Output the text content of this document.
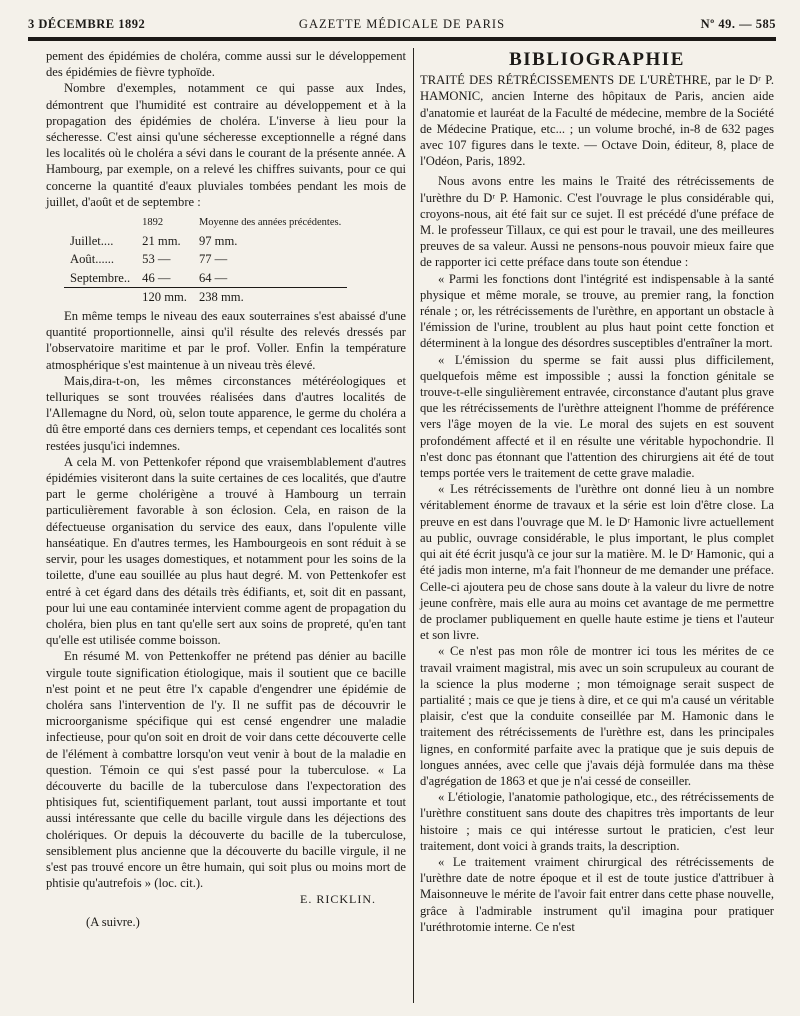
3 DÉCEMBRE 1892	GAZETTE MÉDICALE DE PARIS	Nº 49. — 585

pement des épidémies de choléra, comme aussi sur le développement des épidémies de fièvre typhoïde.

Nombre d'exemples, notamment ce qui passe aux Indes, démontrent que l'humidité est contraire au développement et à la propagation des épidémies de choléra. L'inverse à lieu pour la sécheresse. C'est ainsi qu'une sécheresse exceptionnelle a régné dans les localités où le choléra a sévi dans le courant de la présente année. A Hambourg, par exemple, on a relevé les chiffres suivants, pour ce qui concerne la quantité d'eaux pluviales tombées pendant les mois de juillet, d'août et de septembre :

	1892	Moyenne des années précédentes.
Juillet....	21 mm.	97 mm.
Août......	53 —	77 —
Septembre..	46 —	64 —
	120 mm.	238 mm.

En même temps le niveau des eaux souterraines s'est abaissé d'une quantité proportionnelle, ainsi qu'il résulte des relevés dressés par l'observatoire maritime et par le prof. Voller. Enfin la température atmosphérique s'est maintenue à un niveau très élevé.

Mais,dira-t-on, les mêmes circonstances météréologiques et telluriques se sont trouvées réalisées dans d'autres localités de l'Allemagne du Nord, où, selon toute apparence, le germe du choléra a dû être emporté dans ces derniers temps, et cependant ces localités sont restées jusqu'ici indemnes.

A cela M. von Pettenkofer répond que vraisemblablement d'autres épidémies visiteront dans la suite certaines de ces localités, que d'autre part le germe cholérigène a trouvé à Hambourg un terrain particulièrement favorable à son éclosion. Cela, en raison de la défectueuse organisation du service des eaux, dans l'opulente ville hanséatique. En d'autres termes, les Hambourgeois en sont réduit à se servir, pour les usages domestiques, et notamment pour les soins de la toilette, d'une eau souillée au plus haut degré. M. von Pettenkofer est entré à cet égard dans des détails très édifiants, et, soit dit en passant, pour lui une eau contaminée intervient comme agent de propagation du choléra, bien plus en tant qu'elle sert aux soins de propreté, qu'en tant qu'elle est utilisée comme boisson.

En résumé M. von Pettenkoffer ne prétend pas dénier au bacille virgule toute signification étiologique, mais il soutient que ce bacille n'est point et ne peut être l'x capable d'engendrer une épidémie de choléra sans l'intervention de l'y. Il ne suffit pas de découvrir le microorganisme spécifique qui est censé engendrer une maladie infectieuse, pour qu'on soit en droit de voir dans cette découverte celle de l'élément à combattre lorsqu'on veut venir à bout de la maladie en question. Témoin ce qui s'est passé pour la tuberculose. « La découverte du bacille de la tuberculose dans l'expectoration des phtisiques fut, scientifiquement parlant, tout aussi importante et tout aussi intéressante que celle du bacille virgule dans les déjections des cholériques. Or depuis la découverte du bacille de la tuberculose, sensiblement plus ancienne que la découverte du bacille virgule, il ne s'est pas trouvé encore un être humain, qui soit plus ou moins mort de phtisie qu'autrefois » (loc. cit.).

E. RICKLIN.

(A suivre.)

BIBLIOGRAPHIE

TRAITÉ DES RÉTRÉCISSEMENTS DE L'URÈTHRE, par le Dʳ P. HAMONIC, ancien Interne des hôpitaux de Paris, ancien aide d'anatomie et lauréat de la Faculté de médecine, membre de la Société de Médecine Pratique, etc... ; un volume broché, in-8 de 632 pages avec 107 figures dans le texte. — Octave Doin, éditeur, 8, place de l'Odéon, Paris, 1892.

Nous avons entre les mains le Traité des rétrécissements de l'urèthre du Dʳ P. Hamonic. C'est l'ouvrage le plus considérable qui, croyons-nous, ait été fait sur ce sujet. Il est précédé d'une préface de M. le professeur Tillaux, ce qui est pour le travail, une des meilleures preuves de sa valeur. Aussi ne pensons-nous pouvoir mieux faire que de rapporter ici cette préface dans toute son étendue :

« Parmi les fonctions dont l'intégrité est indispensable à la santé physique et même morale, se trouve, au premier rang, la fonction rénale ; or, les rétrécissements de l'urèthre, en apportant un obstacle à l'émission de l'urine, troublent au plus haut point cette fonction et déterminent à la longue des désordres susceptibles d'entraîner la mort.

« L'émission du sperme se fait aussi plus difficilement, quelquefois même est impossible ; aussi la fonction génitale se trouve-t-elle singulièrement entravée, circonstance d'autant plus grave que les rétrécissements de l'urèthre atteignent l'homme de préférence vers l'âge moyen de la vie. Le moral des sujets en est souvent profondément affecté et il en résulte une véritable hypochondrie. Il n'est donc pas étonnant que l'attention des chirurgiens ait été de tout temps portée vers le traitement de cette grave maladie.

« Les rétrécissements de l'urèthre ont donné lieu à un nombre véritablement énorme de travaux et la série est loin d'être close. La preuve en est dans l'ouvrage que M. le Dʳ Hamonic livre actuellement au public, ouvrage considérable, le plus important, le plus complet qui ait été écrit jusqu'à ce jour sur la matière. M. le Dʳ Hamonic, qui a été jadis mon interne, m'a fait l'honneur de me demander une préface. Celle-ci ajoutera peu de chose sans doute à la valeur du livre de notre jeune confrère, mais elle aura au moins cet avantage de me permettre de proclamer publiquement en quelle haute estime je tiens et l'auteur et son livre.

« Ce n'est pas mon rôle de montrer ici tous les mérites de ce travail vraiment magistral, mis avec un soin scrupuleux au courant de la science la plus moderne ; mon témoignage serait suspect de partialité ; mais ce que je tiens à dire, et ce qui m'a causé un véritable plaisir, c'est que la conduite conseillée par M. Hamonic dans le traitement des rétrécissements de l'urèthre est, dans les principales lignes, en conformité parfaite avec la pratique que je suis depuis de longues années, avec celle que j'avais déjà formulée dans ma thèse d'agrégation de 1863 et que je n'ai cessé de conseiller.

« L'étiologie, l'anatomie pathologique, etc., des rétrécissements de l'urèthre constituent sans doute des chapitres très importants de leur histoire ; mais ce qui intéresse surtout le praticien, c'est leur traitement, dont voici à grands traits, la description.

« Le traitement vraiment chirurgical des rétrécissements de l'urèthre date de notre époque et il est de toute justice d'attribuer à Maisonneuve le mérite de l'avoir fait entrer dans cette phase nouvelle, grâce à l'admirable instrument qu'il imagina pour pratiquer l'uréthrotomie interne. Ce n'est
